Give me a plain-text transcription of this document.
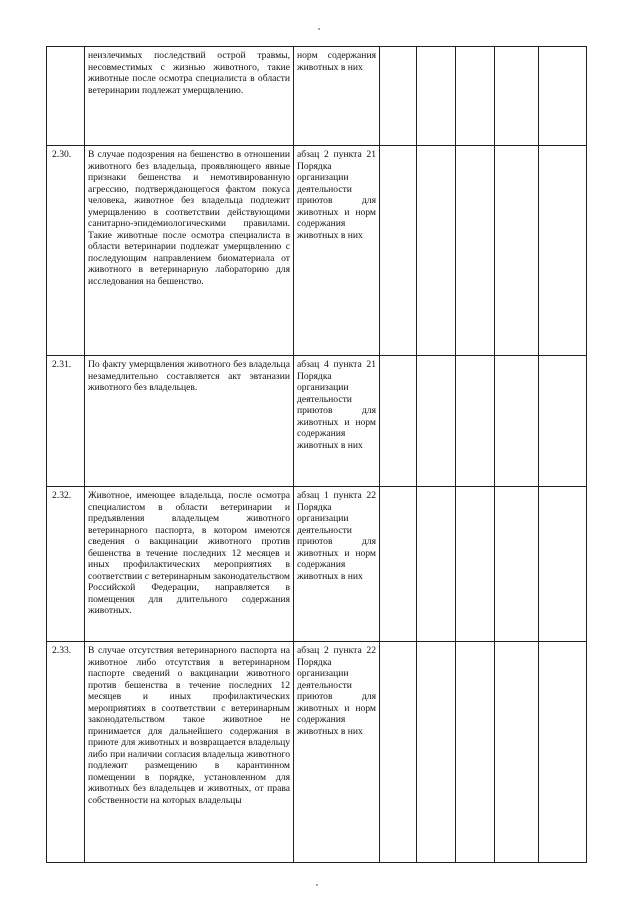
	неизлечимых последствий острой травмы, несовместимых с жизнью животного, такие животные после осмотра специалиста в области ветеринарии подлежат умерщвлению.	норм содержания животных в них					
2.30.	В случае подозрения на бешенство в отношении животного без владельца, проявляющего явные признаки бешенства и немотивированную агрессию, подтверждающегося фактом покуса человека, животное без владельца подлежит умерщвлению в соответствии действующими санитарно-эпидемиологическими правилами. Такие животные после осмотра специалиста в области ветеринарии подлежат умерщвлению с последующим направлением биоматериала от животного в ветеринарную лабораторию для исследования на бешенство.	абзац 2 пункта 21 Порядка организации деятельности приютов для животных и норм содержания животных в них					
2.31.	По факту умерщвления животного без владельца незамедлительно составляется акт эвтаназии животного без владельцев.	абзац 4 пункта 21 Порядка организации деятельности приютов для животных и норм содержания животных в них					
2.32.	Животное, имеющее владельца, после осмотра специалистом в области ветеринарии и предъявления владельцем животного ветеринарного паспорта, в котором имеются сведения о вакцинации животного против бешенства в течение последних 12 месяцев и иных профилактических мероприятиях в соответствии с ветеринарным законодательством Российской Федерации, направляется в помещения для длительного содержания животных.	абзац 1 пункта 22 Порядка организации деятельности приютов для животных и норм содержания животных в них					
2.33.	В случае отсутствия ветеринарного паспорта на животное либо отсутствия в ветеринарном паспорте сведений о вакцинации животного против бешенства в течение последних 12 месяцев и иных профилактических мероприятиях в соответствии с ветеринарным законодательством такое животное не принимается для дальнейшего содержания в приюте для животных и возвращается владельцу либо при наличии согласия владельца животного подлежит размещению в карантинном помещении в порядке, установленном для животных без владельцев и животных, от права собственности на которых владельцы	абзац 2 пункта 22 Порядка организации деятельности приютов для животных и норм содержания животных в них					
